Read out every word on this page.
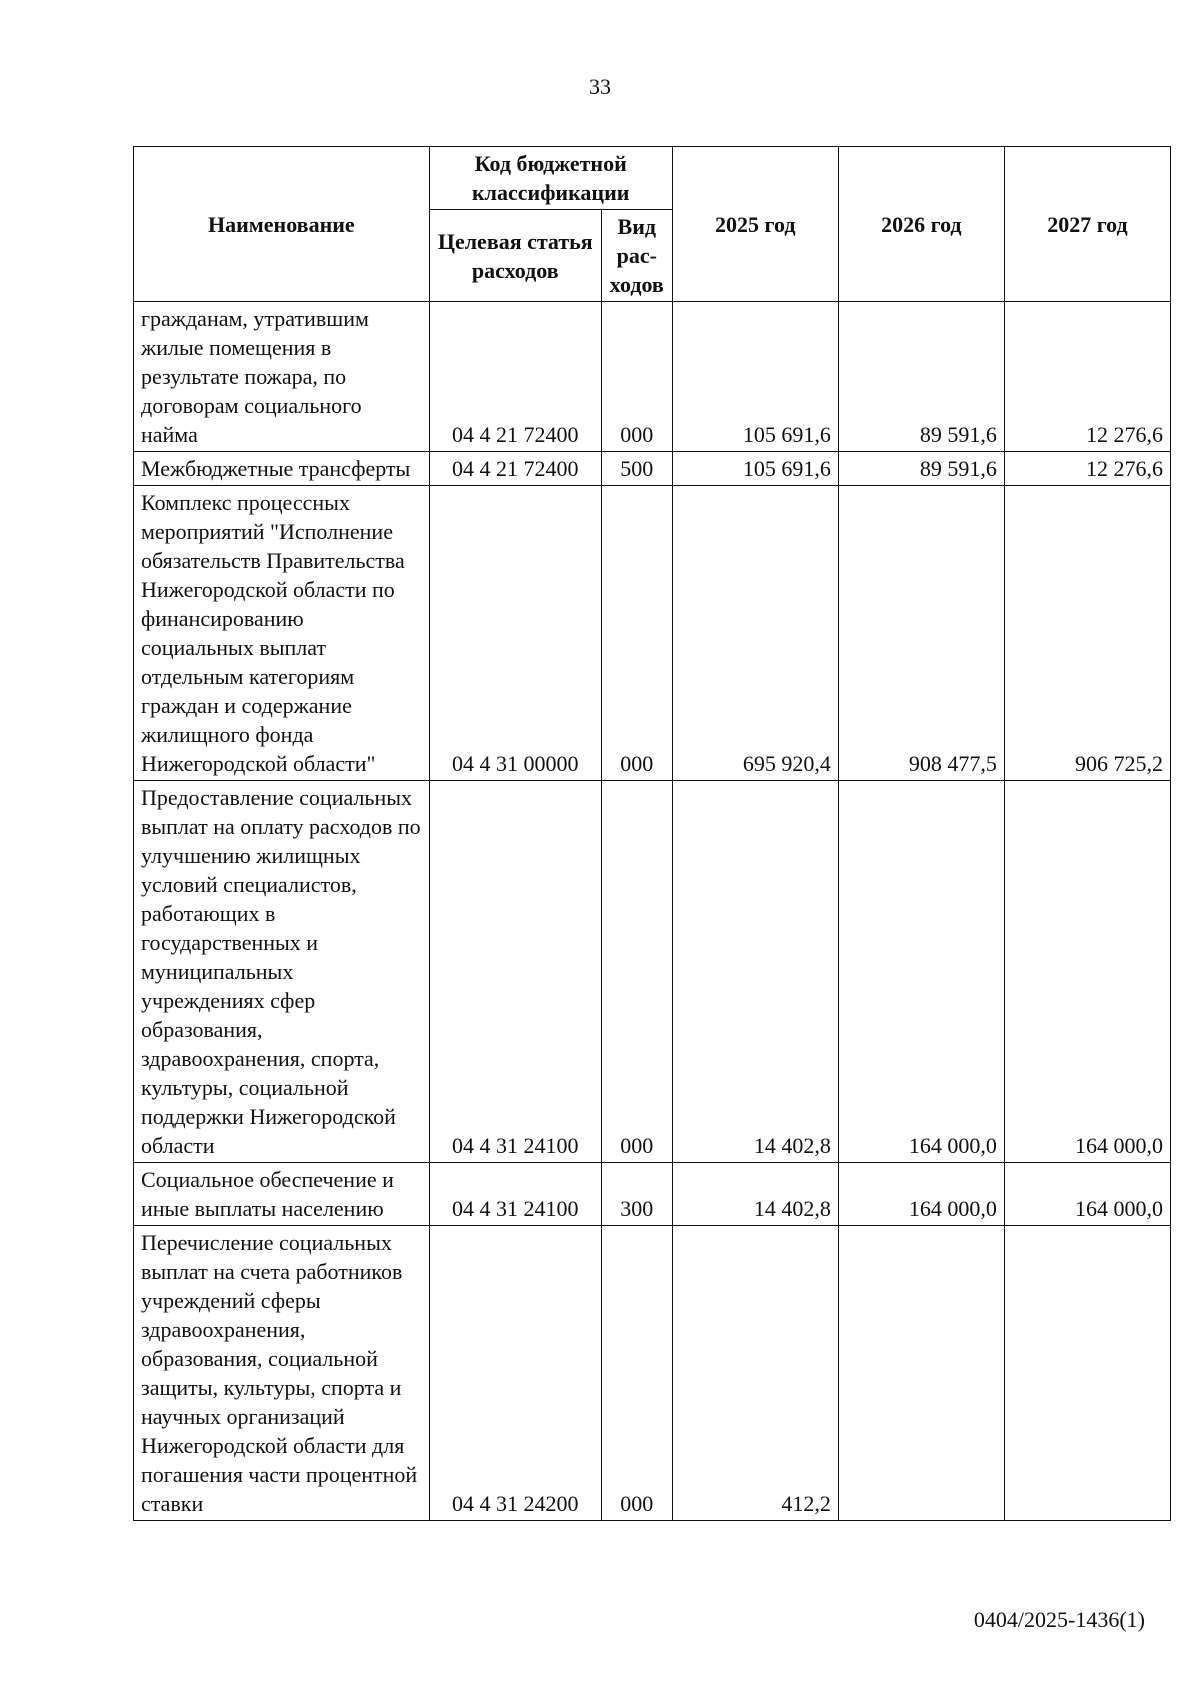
33
Наименование	Код бюджетной классификации		2025 год	2026 год	2027 год
	Целевая статья расходов	Вид рас-ходов			
гражданам, утратившим жилые помещения в результате пожара, по договорам социального найма	04 4 21 72400	000	105 691,6	89 591,6	12 276,6
Межбюджетные трансферты	04 4 21 72400	500	105 691,6	89 591,6	12 276,6
Комплекс процессных мероприятий "Исполнение обязательств Правительства Нижегородской области по финансированию социальных выплат отдельным категориям граждан и содержание жилищного фонда Нижегородской области"	04 4 31 00000	000	695 920,4	908 477,5	906 725,2
Предоставление социальных выплат на оплату расходов по улучшению жилищных условий специалистов, работающих в государственных и муниципальных учреждениях сфер образования, здравоохранения, спорта, культуры, социальной поддержки Нижегородской области	04 4 31 24100	000	14 402,8	164 000,0	164 000,0
Социальное обеспечение и иные выплаты населению	04 4 31 24100	300	14 402,8	164 000,0	164 000,0
Перечисление социальных выплат на счета работников учреждений сферы здравоохранения, образования, социальной защиты, культуры, спорта и научных организаций Нижегородской области для погашения части процентной ставки	04 4 31 24200	000	412,2		
0404/2025-1436(1)
